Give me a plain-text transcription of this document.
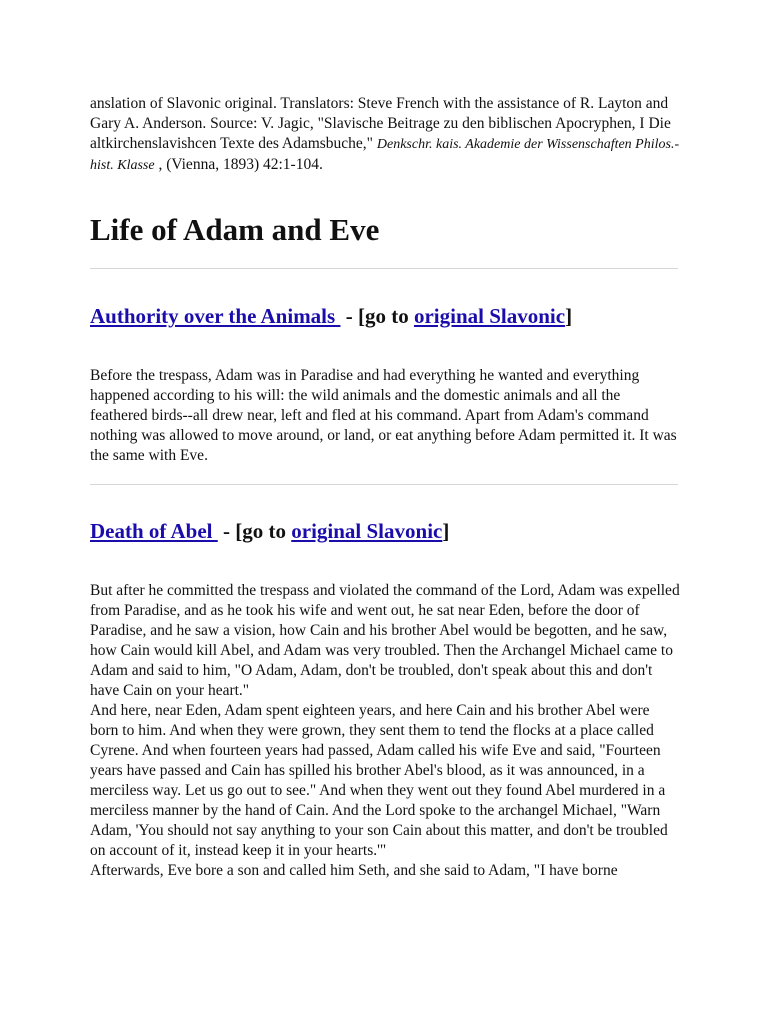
anslation of Slavonic original. Translators: Steve French with the assistance of R. Layton and Gary A. Anderson. Source: V. Jagic, "Slavische Beitrage zu den biblischen Apocryphen, I Die altkirchenslavishcen Texte des Adamsbuche," Denkschr. kais. Akademie der Wissenschaften Philos.-hist. Klasse , (Vienna, 1893) 42:1-104.

Life of Adam and Eve
Authority over the Animals  - [go to original Slavonic]

Before the trespass, Adam was in Paradise and had everything he wanted and everything happened according to his will: the wild animals and the domestic animals and all the feathered birds--all drew near, left and fled at his command. Apart from Adam's command nothing was allowed to move around, or land, or eat anything before Adam permitted it. It was the same with Eve.

Death of Abel  - [go to original Slavonic]

But after he committed the trespass and violated the command of the Lord, Adam was expelled from Paradise, and as he took his wife and went out, he sat near Eden, before the door of Paradise, and he saw a vision, how Cain and his brother Abel would be begotten, and he saw, how Cain would kill Abel, and Adam was very troubled. Then the Archangel Michael came to Adam and said to him, "O Adam, Adam, don't be troubled, don't speak about this and don't have Cain on your heart."

And here, near Eden, Adam spent eighteen years, and here Cain and his brother Abel were born to him. And when they were grown, they sent them to tend the flocks at a place called Cyrene. And when fourteen years had passed, Adam called his wife Eve and said, "Fourteen years have passed and Cain has spilled his brother Abel's blood, as it was announced, in a merciless way. Let us go out to see." And when they went out they found Abel murdered in a merciless manner by the hand of Cain. And the Lord spoke to the archangel Michael, "Warn Adam, 'You should not say anything to your son Cain about this matter, and don't be troubled on account of it, instead keep it in your hearts.'"

Afterwards, Eve bore a son and called him Seth, and she said to Adam, "I have borne
